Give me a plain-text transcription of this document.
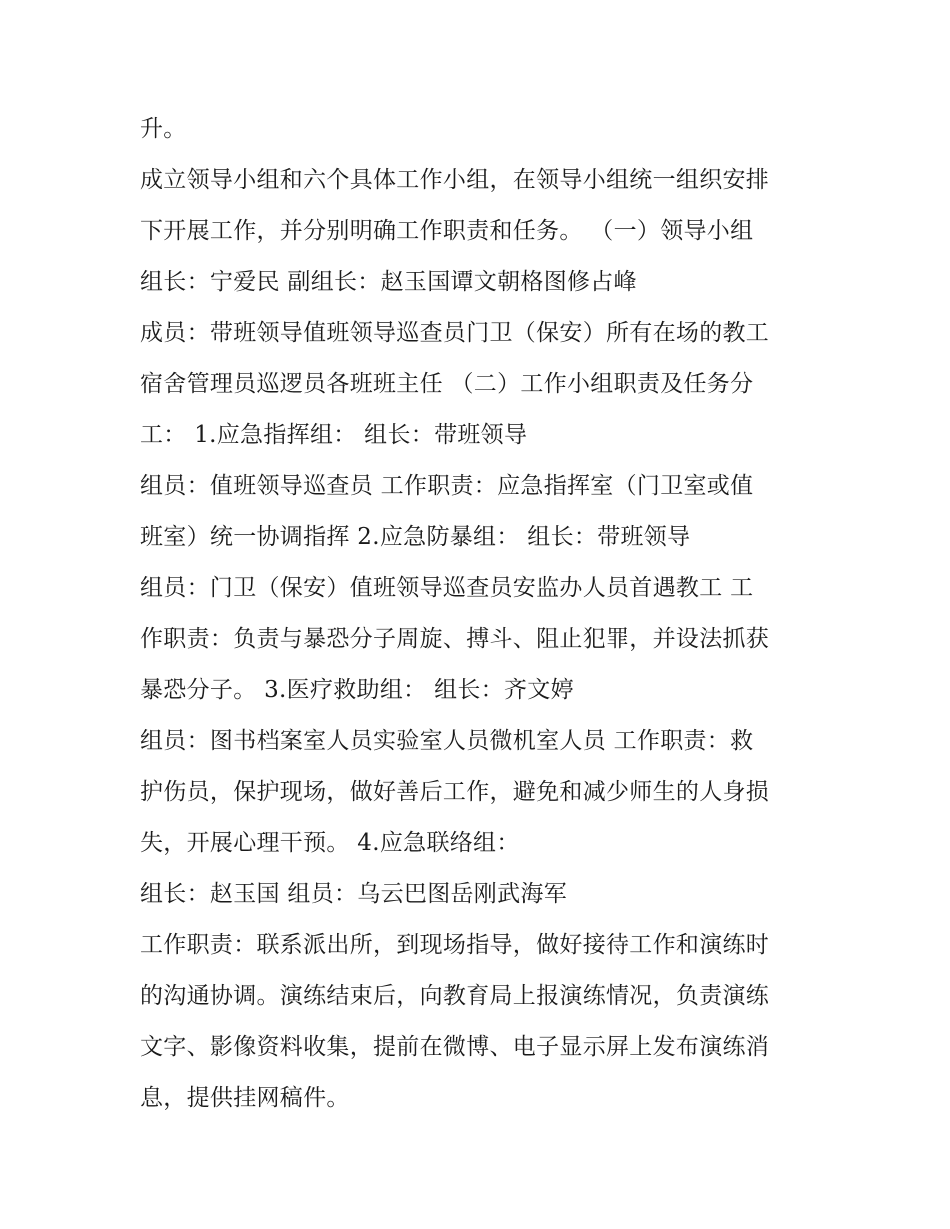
升。
成立领导小组和六个具体工作小组，在领导小组统一组织安排
下开展工作，并分别明确工作职责和任务。 （一）领导小组
组长：宁爱民 副组长：赵玉国谭文朝格图修占峰
成员：带班领导值班领导巡查员门卫（保安）所有在场的教工
宿舍管理员巡逻员各班班主任 （二）工作小组职责及任务分
工： 1.应急指挥组： 组长：带班领导
组员：值班领导巡查员 工作职责：应急指挥室（门卫室或值
班室）统一协调指挥 2.应急防暴组： 组长：带班领导
组员：门卫（保安）值班领导巡查员安监办人员首遇教工 工
作职责：负责与暴恐分子周旋、搏斗、阻止犯罪，并设法抓获
暴恐分子。 3.医疗救助组： 组长：齐文婷
组员：图书档案室人员实验室人员微机室人员 工作职责：救
护伤员，保护现场，做好善后工作，避免和减少师生的人身损
失，开展心理干预。 4.应急联络组：
组长：赵玉国 组员：乌云巴图岳刚武海军
工作职责：联系派出所，到现场指导，做好接待工作和演练时
的沟通协调。演练结束后，向教育局上报演练情况，负责演练
文字、影像资料收集，提前在微博、电子显示屏上发布演练消
息，提供挂网稿件。
